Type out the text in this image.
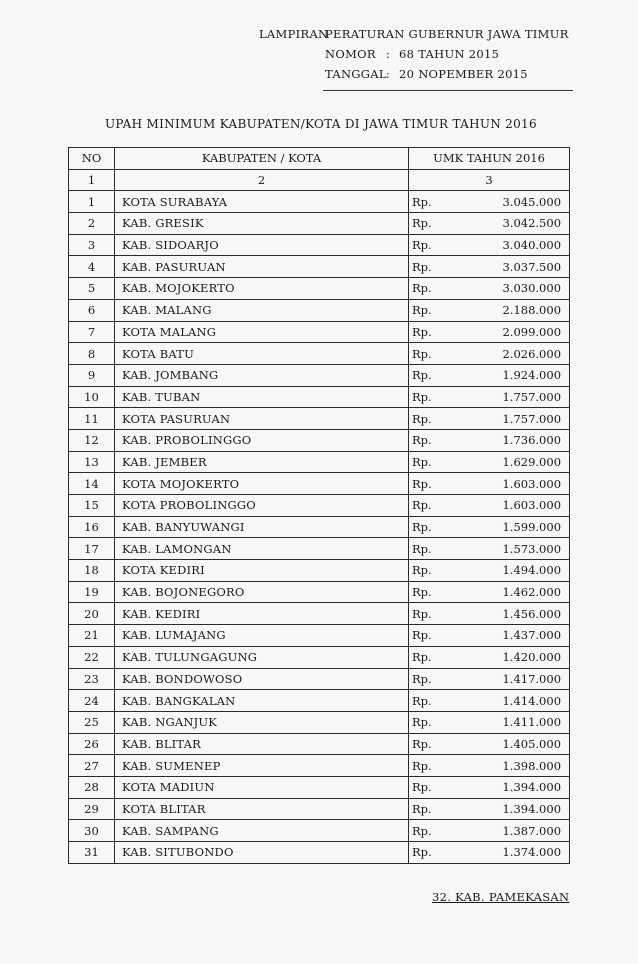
LAMPIRANPERATURAN GUBERNUR JAWA TIMUR
NOMOR : 68 TAHUN 2015
TANGGAL: 20 NOPEMBER 2015
UPAH MINIMUM KABUPATEN/KOTA DI JAWA TIMUR TAHUN 2016
NO	KABUPATEN / KOTA	UMK TAHUN 2016	
1	2	3	
1	KOTA SURABAYA	Rp.	3.045.000
2	KAB. GRESIK	Rp.	3.042.500
3	KAB. SIDOARJO	Rp.	3.040.000
4	KAB. PASURUAN	Rp.	3.037.500
5	KAB. MOJOKERTO	Rp.	3.030.000
6	KAB. MALANG	Rp.	2.188.000
7	KOTA MALANG	Rp.	2.099.000
8	KOTA BATU	Rp.	2.026.000
9	KAB. JOMBANG	Rp.	1.924.000
10	KAB. TUBAN	Rp.	1.757.000
11	KOTA PASURUAN	Rp.	1.757.000
12	KAB. PROBOLINGGO	Rp.	1.736.000
13	KAB. JEMBER	Rp.	1.629.000
14	KOTA MOJOKERTO	Rp.	1.603.000
15	KOTA PROBOLINGGO	Rp.	1.603.000
16	KAB. BANYUWANGI	Rp.	1.599.000
17	KAB. LAMONGAN	Rp.	1.573.000
18	KOTA KEDIRI	Rp.	1.494.000
19	KAB. BOJONEGORO	Rp.	1.462.000
20	KAB. KEDIRI	Rp.	1.456.000
21	KAB. LUMAJANG	Rp.	1.437.000
22	KAB. TULUNGAGUNG	Rp.	1.420.000
23	KAB. BONDOWOSO	Rp.	1.417.000
24	KAB. BANGKALAN	Rp.	1.414.000
25	KAB. NGANJUK	Rp.	1.411.000
26	KAB. BLITAR	Rp.	1.405.000
27	KAB. SUMENEP	Rp.	1.398.000
28	KOTA MADIUN	Rp.	1.394.000
29	KOTA BLITAR	Rp.	1.394.000
30	KAB. SAMPANG	Rp.	1.387.000
31	KAB. SITUBONDO	Rp.	1.374.000
32. KAB. PAMEKASAN
